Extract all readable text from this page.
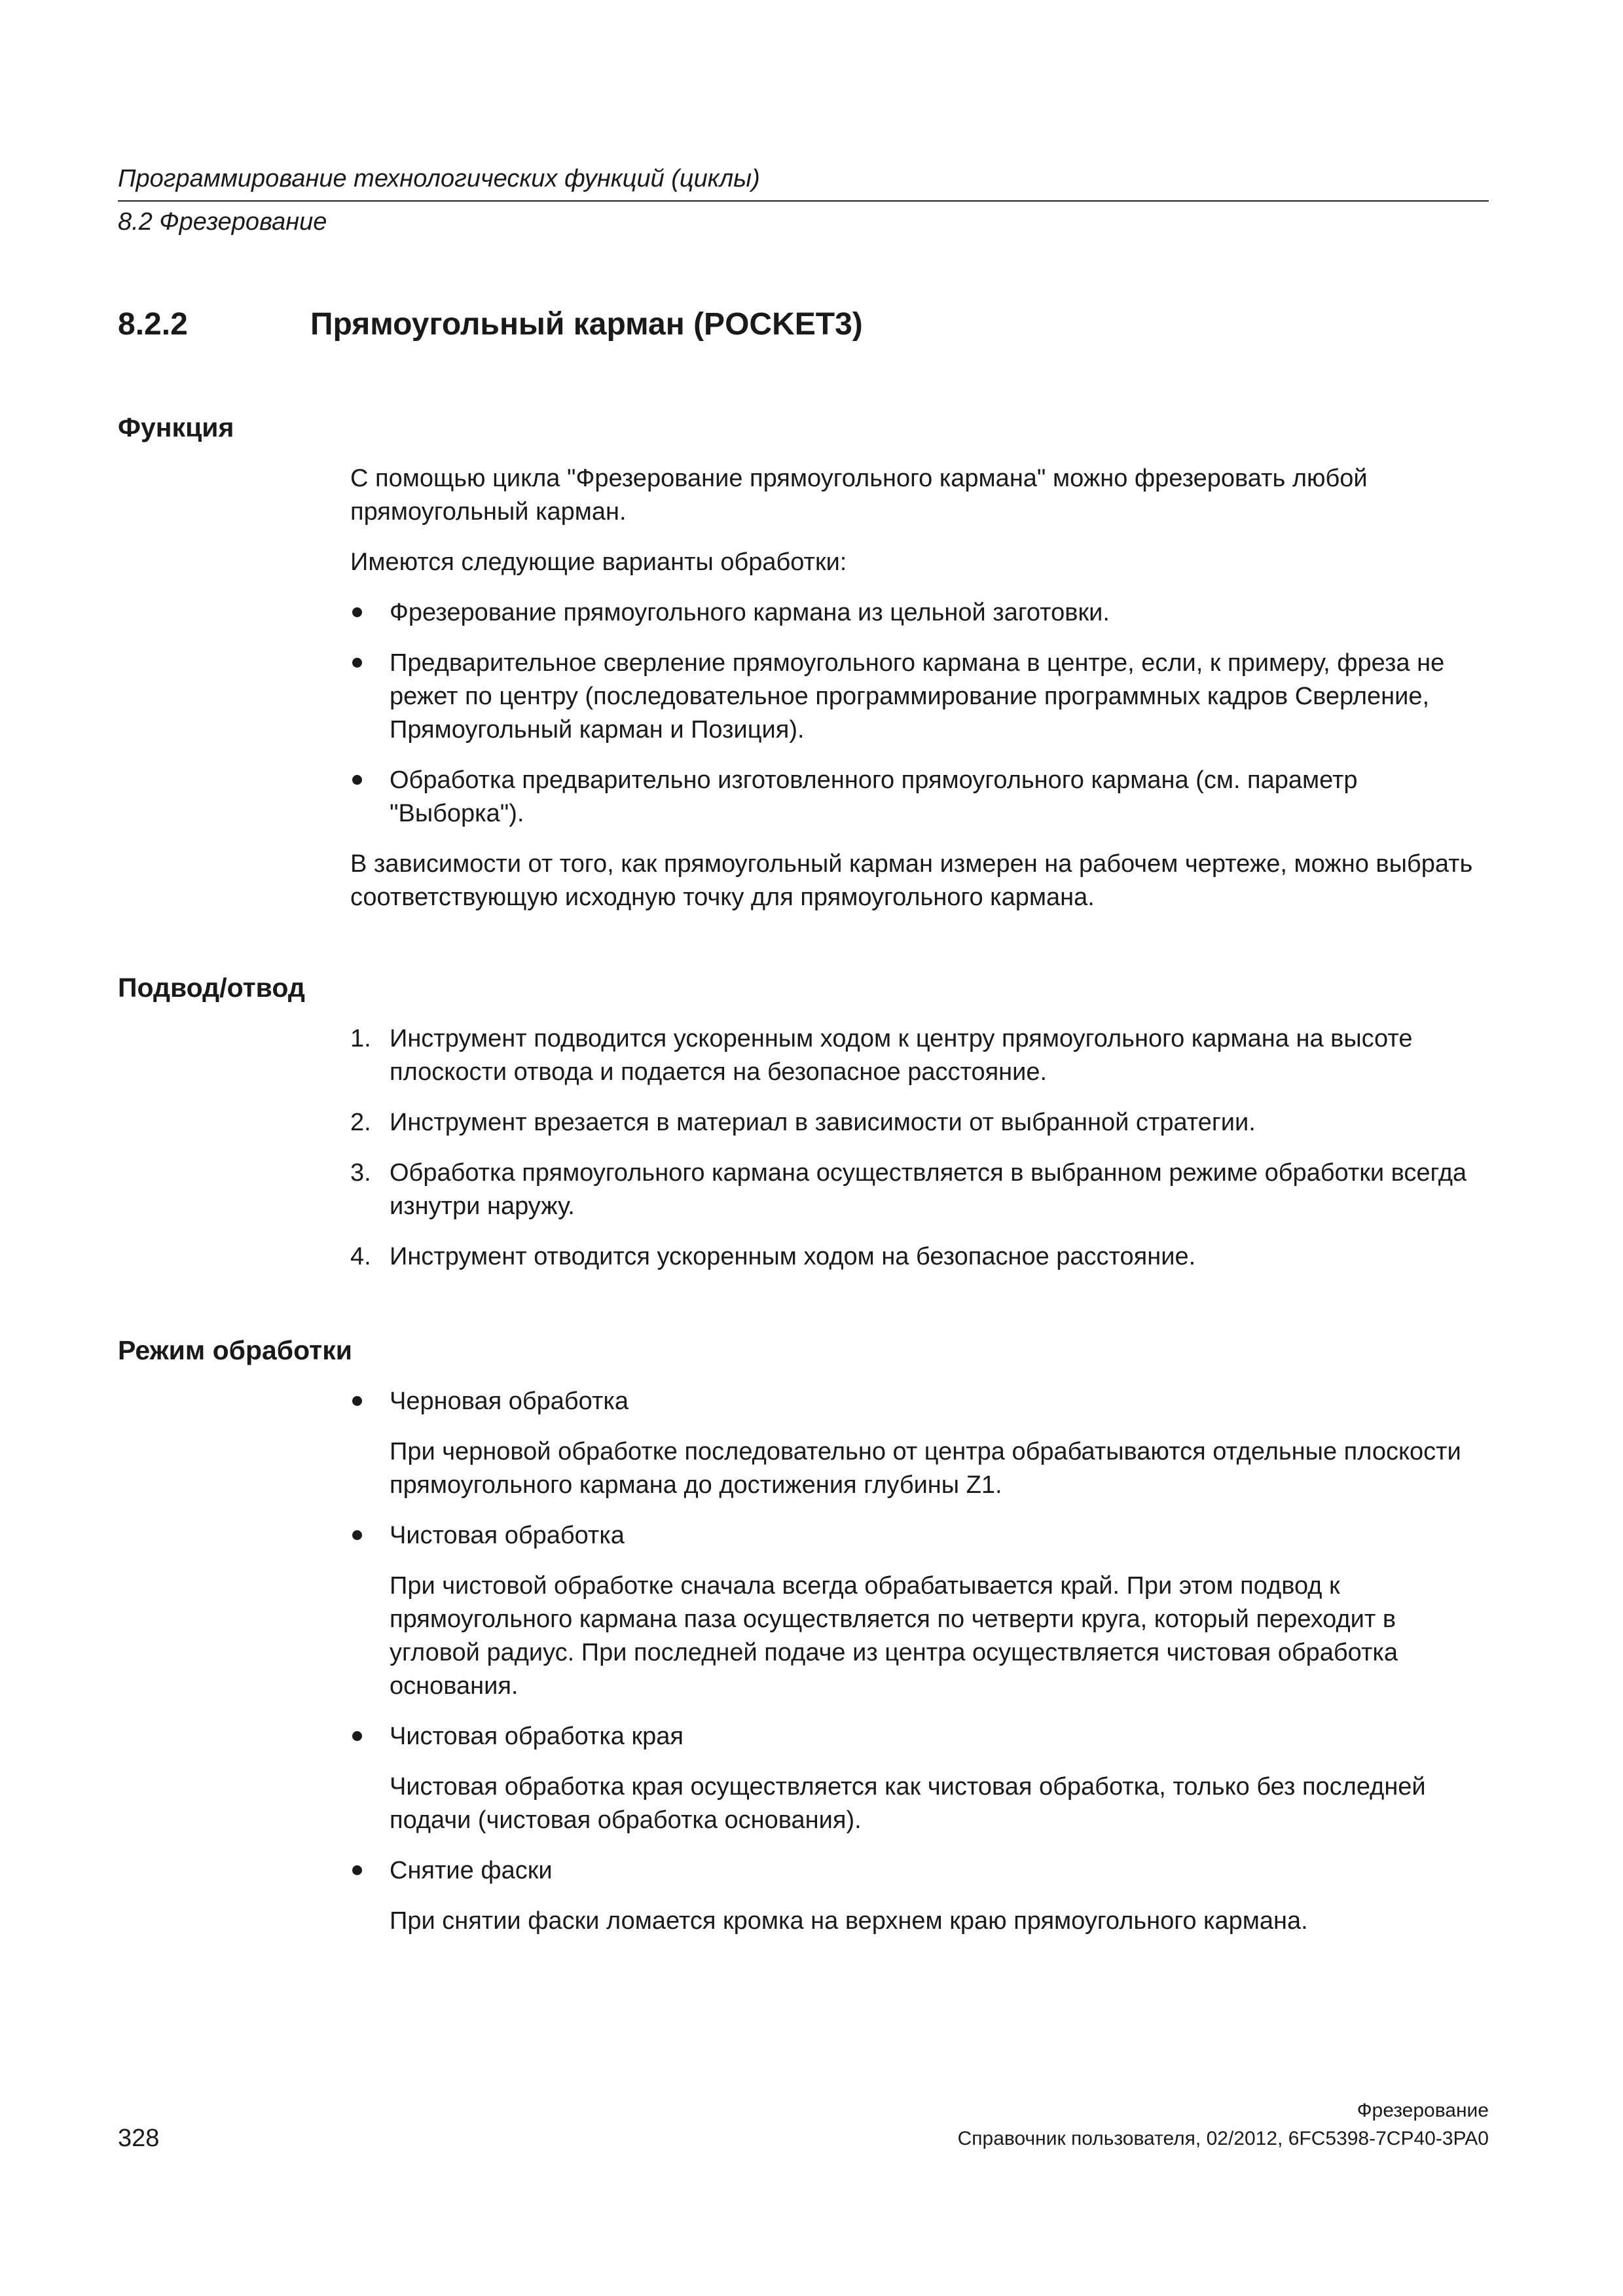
Программирование технологических функций (циклы)
8.2 Фрезерование
8.2.2	Прямоугольный карман (POCKET3)
Функция

С помощью цикла "Фрезерование прямоугольного кармана" можно фрезеровать любой прямоугольный карман.

Имеются следующие варианты обработки:

Фрезерование прямоугольного кармана из цельной заготовки.
Предварительное сверление прямоугольного кармана в центре, если, к примеру, фреза не режет по центру (последовательное программирование программных кадров Сверление, Прямоугольный карман и Позиция).
Обработка предварительно изготовленного прямоугольного кармана (см. параметр "Выборка").

В зависимости от того, как прямоугольный карман измерен на рабочем чертеже, можно выбрать соответствующую исходную точку для прямоугольного кармана.

Подвод/отвод
1. Инструмент подводится ускоренным ходом к центру прямоугольного кармана на высоте плоскости отвода и подается на безопасное расстояние.
2. Инструмент врезается в материал в зависимости от выбранной стратегии.
3. Обработка прямоугольного кармана осуществляется в выбранном режиме обработки всегда изнутри наружу.
4. Инструмент отводится ускоренным ходом на безопасное расстояние.
Режим обработки
Черновая обработка

При черновой обработке последовательно от центра обрабатываются отдельные плоскости прямоугольного кармана до достижения глубины Z1.

Чистовая обработка

При чистовой обработке сначала всегда обрабатывается край. При этом подвод к прямоугольного кармана паза осуществляется по четверти круга, который переходит в угловой радиус. При последней подаче из центра осуществляется чистовая обработка основания.

Чистовая обработка края

Чистовая обработка края осуществляется как чистовая обработка, только без последней подачи (чистовая обработка основания).

Снятие фаски

При снятии фаски ломается кромка на верхнем краю прямоугольного кармана.

Фрезерование
328	Справочник пользователя, 02/2012, 6FC5398-7CP40-3PA0
